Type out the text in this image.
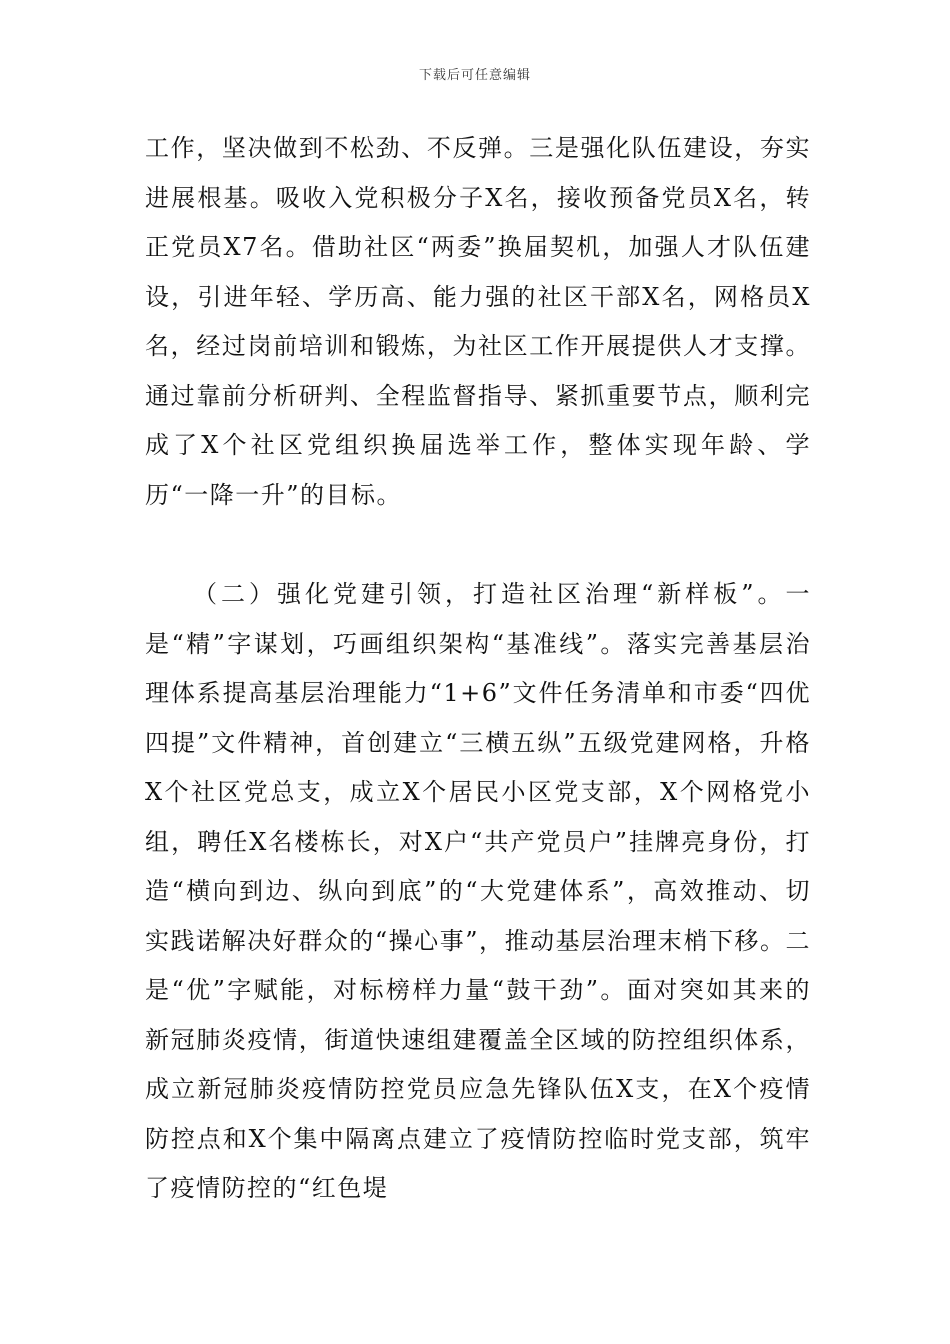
下载后可任意编辑

工作，坚决做到不松劲、不反弹。三是强化队伍建设，夯实进展根基。吸收入党积极分子X名，接收预备党员X名，转正党员X7名。借助社区“两委”换届契机，加强人才队伍建设，引进年轻、学历高、能力强的社区干部X名，网格员X名，经过岗前培训和锻炼，为社区工作开展提供人才支撑。通过靠前分析研判、全程监督指导、紧抓重要节点，顺利完成了X个社区党组织换届选举工作，整体实现年龄、学历“一降一升”的目标。

（二）强化党建引领，打造社区治理“新样板”。一是“精”字谋划，巧画组织架构“基准线”。落实完善基层治理体系提高基层治理能力“1+6”文件任务清单和市委“四优四提”文件精神，首创建立“三横五纵”五级党建网格，升格X个社区党总支，成立X个居民小区党支部，X个网格党小组，聘任X名楼栋长，对X户“共产党员户”挂牌亮身份，打造“横向到边、纵向到底”的“大党建体系”，高效推动、切实践诺解决好群众的“操心事”，推动基层治理末梢下移。二是“优”字赋能，对标榜样力量“鼓干劲”。面对突如其来的新冠肺炎疫情，街道快速组建覆盖全区域的防控组织体系，成立新冠肺炎疫情防控党员应急先锋队伍X支，在X个疫情防控点和X个集中隔离点建立了疫情防控临时党支部，筑牢了疫情防控的“红色堤
